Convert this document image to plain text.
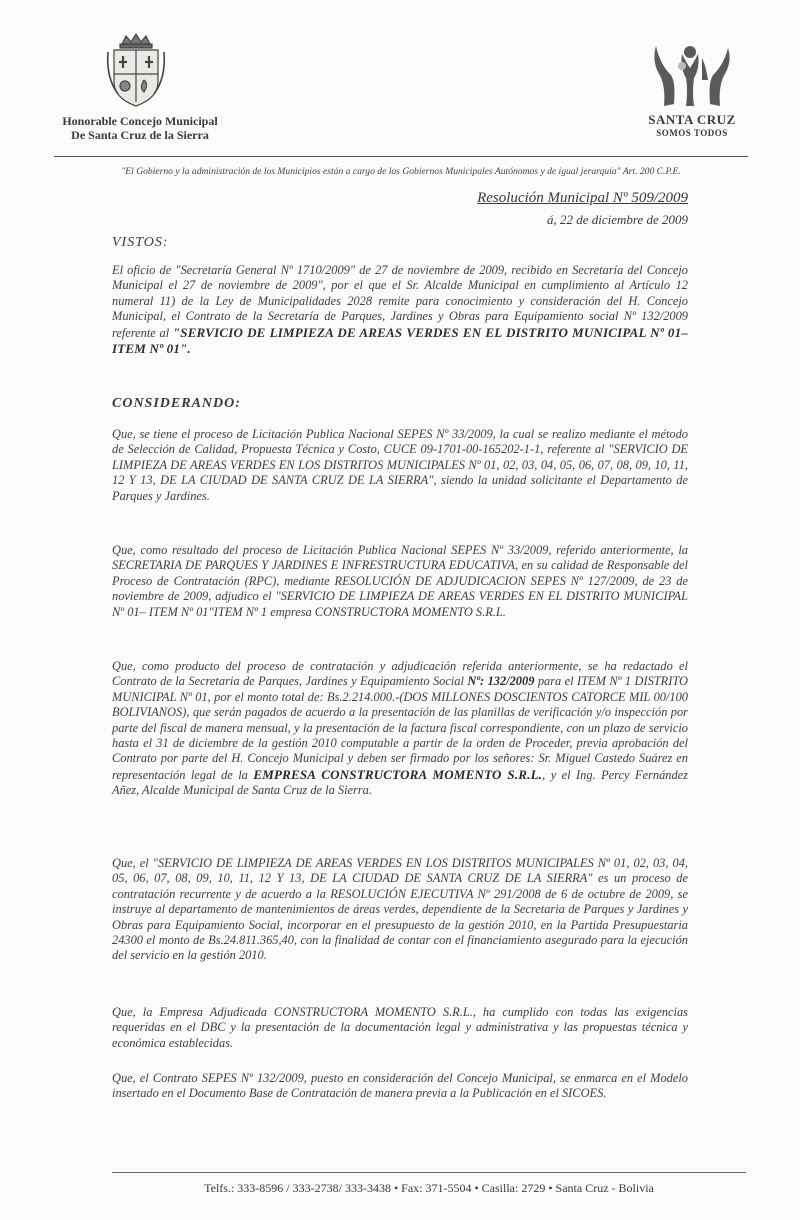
Honorable Concejo Municipal
De Santa Cruz de la Sierra
SANTA CRUZ
SOMOS TODOS
"El Gobierno y la administración de los Municipios están a cargo de los Gobiernos Municipales Autónomos y de igual jerarquía" Art. 200 C.P.E.
Resolución Municipal Nº 509/2009
á, 22 de diciembre de 2009
VISTOS:
El oficio de "Secretaría General Nº 1710/2009" de 27 de noviembre de 2009, recibido en Secretaría del Concejo Municipal el 27 de noviembre de 2009", por el que el Sr. Alcalde Municipal en cumplimiento al Artículo 12 numeral 11) de la Ley de Municipalidades 2028 remite para conocimiento y consideración del H. Concejo Municipal, el Contrato de la Secretaría de Parques, Jardines y Obras para Equipamiento social Nº 132/2009 referente al "SERVICIO DE LIMPIEZA DE AREAS VERDES EN EL DISTRITO MUNICIPAL Nº 01– ITEM Nº 01".
CONSIDERANDO:
Que, se tiene el proceso de Licitación Publica Nacional SEPES Nº 33/2009, la cual se realizo mediante el método de Selección de Calidad, Propuesta Técnica y Costo, CUCE 09-1701-00-165202-1-1, referente al "SERVICIO DE LIMPIEZA DE AREAS VERDES EN LOS DISTRITOS MUNICIPALES Nº 01, 02, 03, 04, 05, 06, 07, 08, 09, 10, 11, 12 Y 13, DE LA CIUDAD DE SANTA CRUZ DE LA SIERRA", siendo la unidad solicitante el Departamento de Parques y Jardines.
Que, como resultado del proceso de Licitación Publica Nacional SEPES Nº 33/2009, referido anteriormente, la SECRETARIA DE PARQUES Y JARDINES E INFRESTRUCTURA EDUCATIVA, en su calidad de Responsable del Proceso de Contratación (RPC), mediante RESOLUCIÓN DE ADJUDICACION SEPES Nº 127/2009, de 23 de noviembre de 2009, adjudico el "SERVICIO DE LIMPIEZA DE AREAS VERDES EN EL DISTRITO MUNICIPAL Nº 01– ITEM Nº 01"ITEM Nº 1 empresa CONSTRUCTORA MOMENTO S.R.L.
Que, como producto del proceso de contratación y adjudicación referida anteriormente, se ha redactado el Contrato de la Secretaria de Parques, Jardines y Equipamiento Social Nº: 132/2009 para el ITEM Nº 1 DISTRITO MUNICIPAL Nº 01, por el monto total de: Bs.2.214.000.-(DOS MILLONES DOSCIENTOS CATORCE MIL 00/100 BOLIVIANOS), que serán pagados de acuerdo a la presentación de las planillas de verificación y/o inspección por parte del fiscal de manera mensual, y la presentación de la factura fiscal correspondiente, con un plazo de servicio hasta el 31 de diciembre de la gestión 2010 computable a partir de la orden de Proceder, previa aprobación del Contrato por parte del H. Concejo Municipal y deben ser firmado por los señores: Sr. Miguel Castedo Suárez en representación legal de la EMPRESA CONSTRUCTORA MOMENTO S.R.L., y el Ing. Percy Fernández Añez, Alcalde Municipal de Santa Cruz de la Sierra.
Que, el "SERVICIO DE LIMPIEZA DE AREAS VERDES EN LOS DISTRITOS MUNICIPALES Nº 01, 02, 03, 04, 05, 06, 07, 08, 09, 10, 11, 12 Y 13, DE LA CIUDAD DE SANTA CRUZ DE LA SIERRA" es un proceso de contratación recurrente y de acuerdo a la RESOLUCIÓN EJECUTIVA Nº 291/2008 de 6 de octubre de 2009, se instruye al departamento de mantenimientos de áreas verdes, dependiente de la Secretaria de Parques y Jardines y Obras para Equipamiento Social, incorporar en el presupuesto de la gestión 2010, en la Partida Presupuestaria 24300 el monto de Bs.24.811.365,40, con la finalidad de contar con el financiamiento asegurado para la ejecución del servicio en la gestión 2010.
Que, la Empresa Adjudicada CONSTRUCTORA MOMENTO S.R.L., ha cumplido con todas las exigencias requeridas en el DBC y la presentación de la documentación legal y administrativa y las propuestas técnica y económica establecidas.
Que, el Contrato SEPES Nº 132/2009, puesto en consideración del Concejo Municipal, se enmarca en el Modelo insertado en el Documento Base de Contratación de manera previa a la Publicación en el SICOES.
Telfs.: 333-8596 / 333-2738/ 333-3438 • Fax: 371-5504 • Casilla: 2729 • Santa Cruz - Bolivia
